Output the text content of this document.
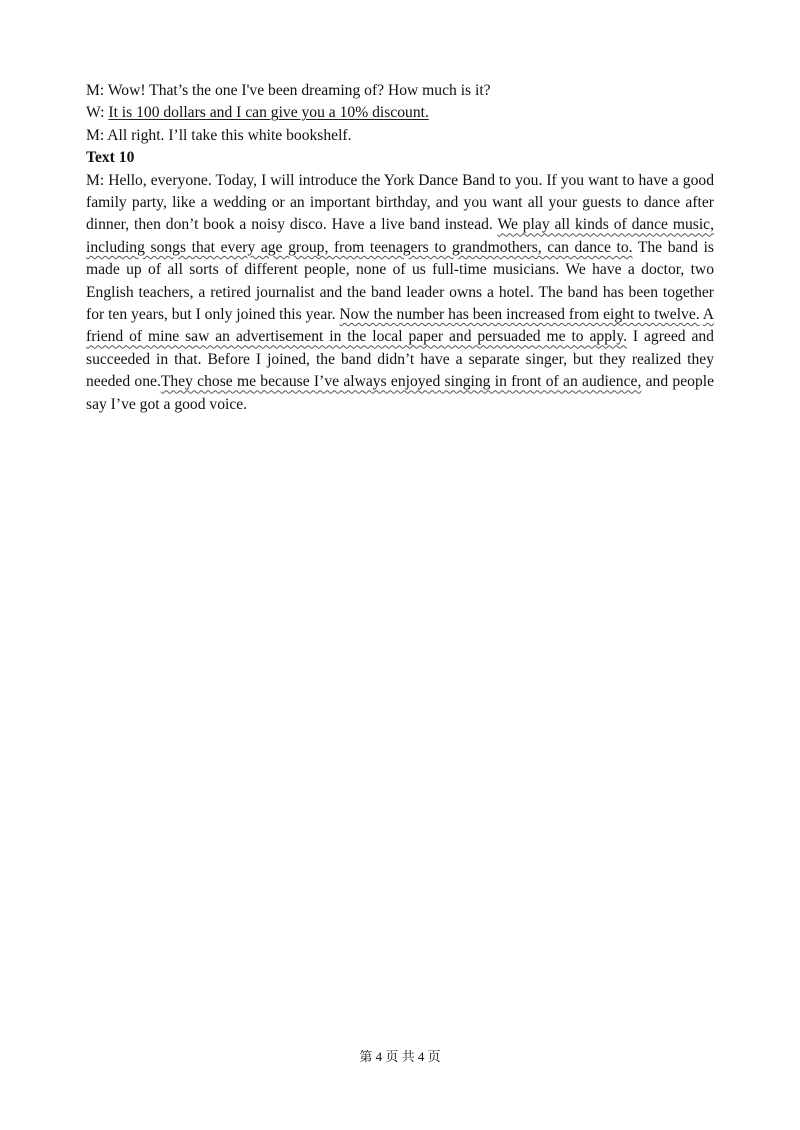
M: Wow! That’s the one I've been dreaming of? How much is it?

W: It is 100 dollars and I can give you a 10% discount.

M: All right. I’ll take this white bookshelf.

Text 10

M: Hello, everyone. Today, I will introduce the York Dance Band to you. If you want to have a good family party, like a wedding or an important birthday, and you want all your guests to dance after dinner, then don’t book a noisy disco. Have a live band instead. We play all kinds of dance music, including songs that every age group, from teenagers to grandmothers, can dance to. The band is made up of all sorts of different people, none of us full-time musicians. We have a doctor, two English teachers, a retired journalist and the band leader owns a hotel. The band has been together for ten years, but I only joined this year. Now the number has been increased from eight to twelve. A friend of mine saw an advertisement in the local paper and persuaded me to apply. I agreed and succeeded in that. Before I joined, the band didn’t have a separate singer, but they realized they needed one.They chose me because I’ve always enjoyed singing in front of an audience, and people say I’ve got a good voice.

第 4 页 共 4 页
